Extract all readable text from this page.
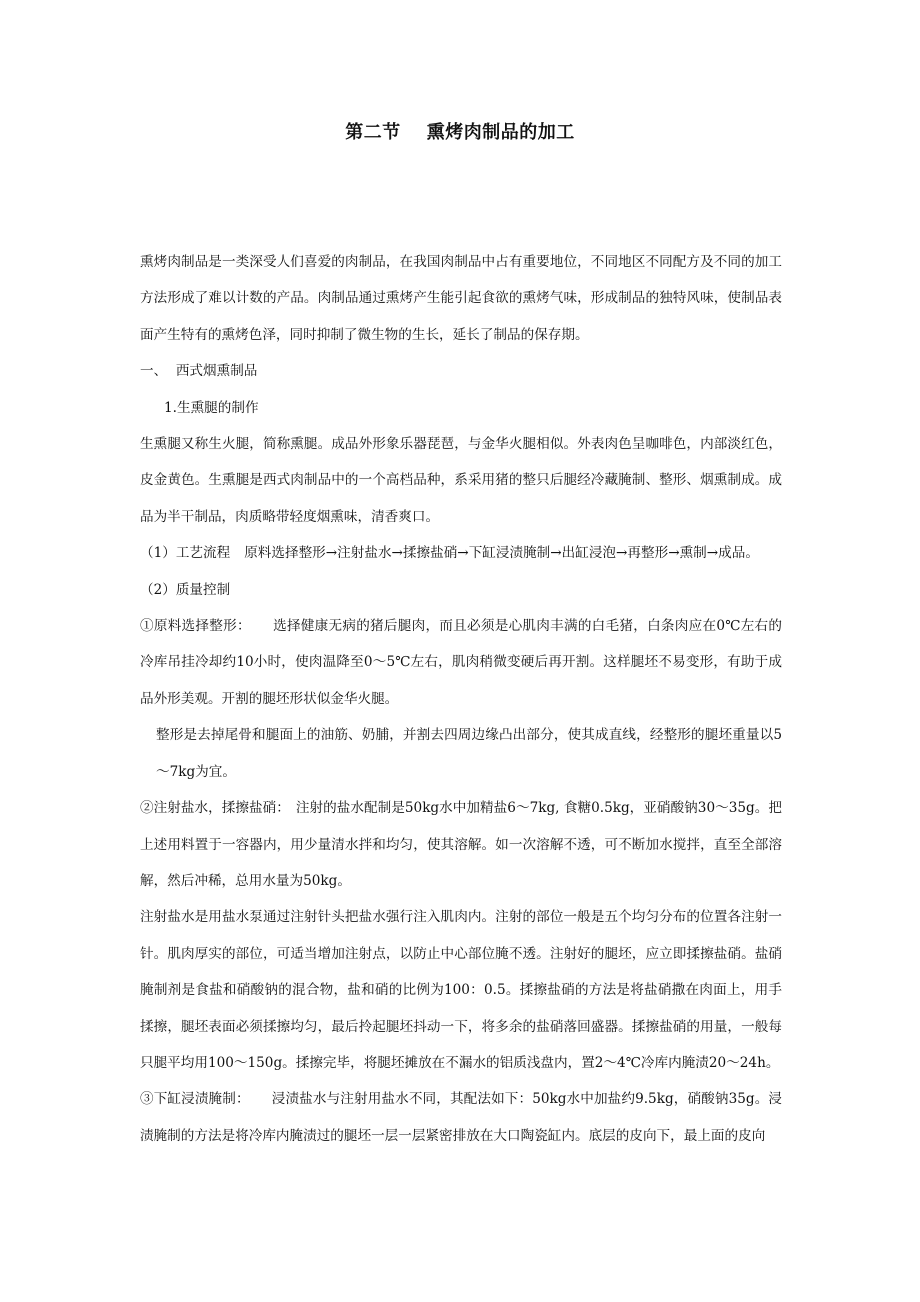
第二节 熏烤肉制品的加工

熏烤肉制品是一类深受人们喜爱的肉制品，在我国肉制品中占有重要地位，不同地区不同配方及不同的加工方法形成了难以计数的产品。肉制品通过熏烤产生能引起食欲的熏烤气味，形成制品的独特风味，使制品表面产生特有的熏烤色泽，同时抑制了微生物的生长，延长了制品的保存期。

一、  西式烟熏制品

1.生熏腿的制作

生熏腿又称生火腿，简称熏腿。成品外形象乐器琵琶，与金华火腿相似。外表肉色呈咖啡色，内部淡红色，皮金黄色。生熏腿是西式肉制品中的一个高档品种，系采用猪的整只后腿经冷藏腌制、整形、烟熏制成。成品为半干制品，肉质略带轻度烟熏味，清香爽口。

（1）工艺流程 原料选择整形→注射盐水→揉擦盐硝→下缸浸渍腌制→出缸浸泡→再整形→熏制→成品。

（2）质量控制

①原料选择整形： 选择健康无病的猪后腿肉，而且必须是心肌肉丰满的白毛猪，白条肉应在0℃左右的冷库吊挂冷却约10小时，使肉温降至0～5℃左右，肌肉稍微变硬后再开割。这样腿坯不易变形，有助于成品外形美观。开割的腿坯形状似金华火腿。

整形是去掉尾骨和腿面上的油筋、奶脯，并割去四周边缘凸出部分，使其成直线，经整形的腿坯重量以5～7kg为宜。

②注射盐水，揉擦盐硝： 注射的盐水配制是50kg水中加精盐6～7kg, 食糖0.5kg，亚硝酸钠30～35g。把上述用料置于一容器内，用少量清水拌和均匀，使其溶解。如一次溶解不透，可不断加水搅拌，直至全部溶解，然后冲稀，总用水量为50kg。

注射盐水是用盐水泵通过注射针头把盐水强行注入肌肉内。注射的部位一般是五个均匀分布的位置各注射一针。肌肉厚实的部位，可适当增加注射点，以防止中心部位腌不透。注射好的腿坯，应立即揉擦盐硝。盐硝腌制剂是食盐和硝酸钠的混合物，盐和硝的比例为100：0.5。揉擦盐硝的方法是将盐硝撒在肉面上，用手揉擦，腿坯表面必须揉擦均匀，最后拎起腿坯抖动一下，将多余的盐硝落回盛器。揉擦盐硝的用量，一般每只腿平均用100～150g。揉擦完毕，将腿坯摊放在不漏水的铝质浅盘内，置2～4℃冷库内腌渍20～24h。

③下缸浸渍腌制： 浸渍盐水与注射用盐水不同，其配法如下：50kg水中加盐约9.5kg，硝酸钠35g。浸渍腌制的方法是将冷库内腌渍过的腿坯一层一层紧密排放在大口陶瓷缸内。底层的皮向下，最上面的皮向
